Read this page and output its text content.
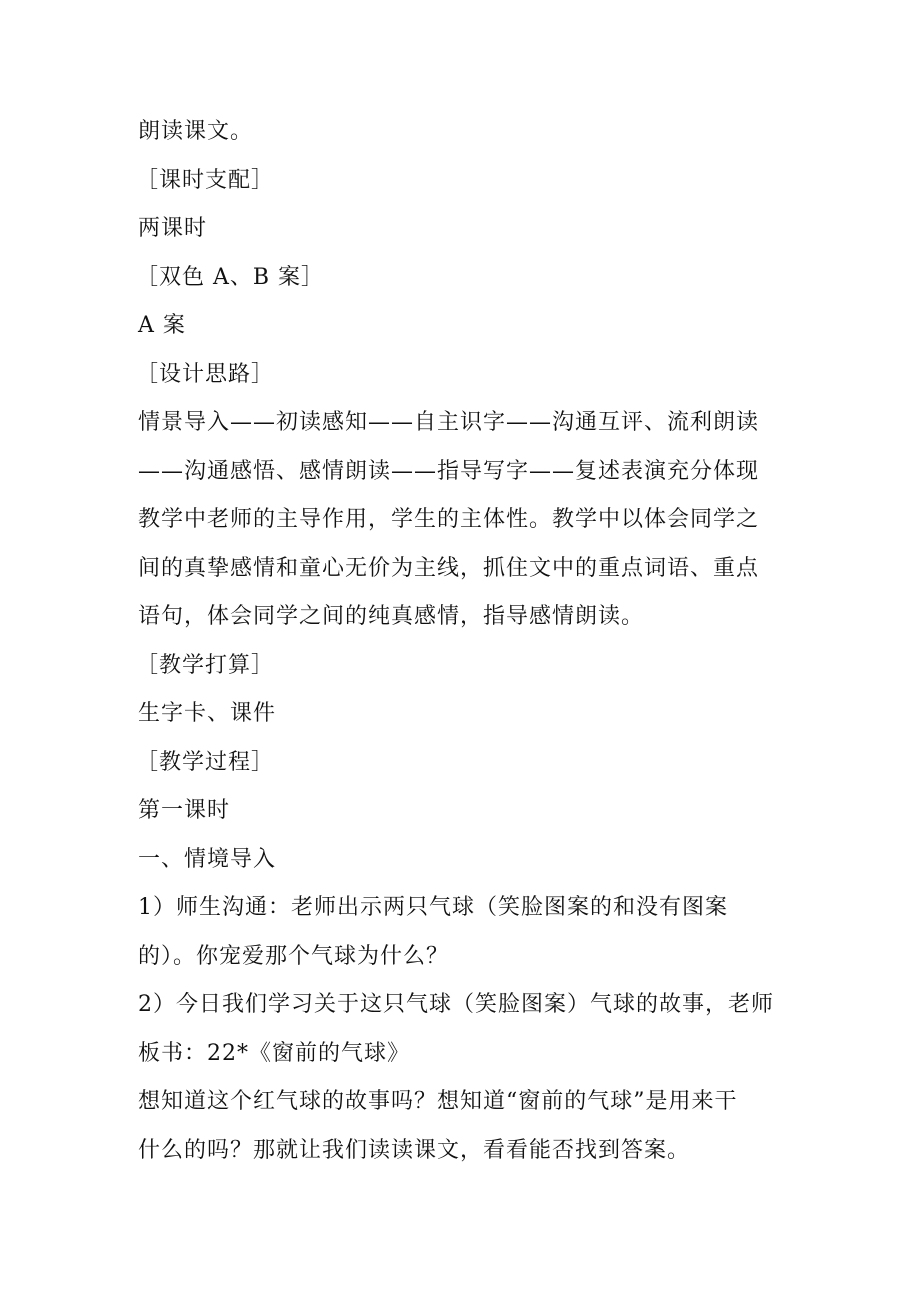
朗读课文。

［课时支配］

两课时

［双色 A、B 案］

A 案

［设计思路］

情景导入——初读感知——自主识字——沟通互评、流利朗读

——沟通感悟、感情朗读——指导写字——复述表演充分体现

教学中老师的主导作用，学生的主体性。教学中以体会同学之

间的真挚感情和童心无价为主线，抓住文中的重点词语、重点

语句，体会同学之间的纯真感情，指导感情朗读。

［教学打算］

生字卡、课件

［教学过程］

第一课时

一、情境导入

1）师生沟通：老师出示两只气球（笑脸图案的和没有图案

的）。你宠爱那个气球为什么？

2）今日我们学习关于这只气球（笑脸图案）气球的故事，老师

板书：22*《窗前的气球》

想知道这个红气球的故事吗？想知道“窗前的气球”是用来干

什么的吗？那就让我们读读课文，看看能否找到答案。
